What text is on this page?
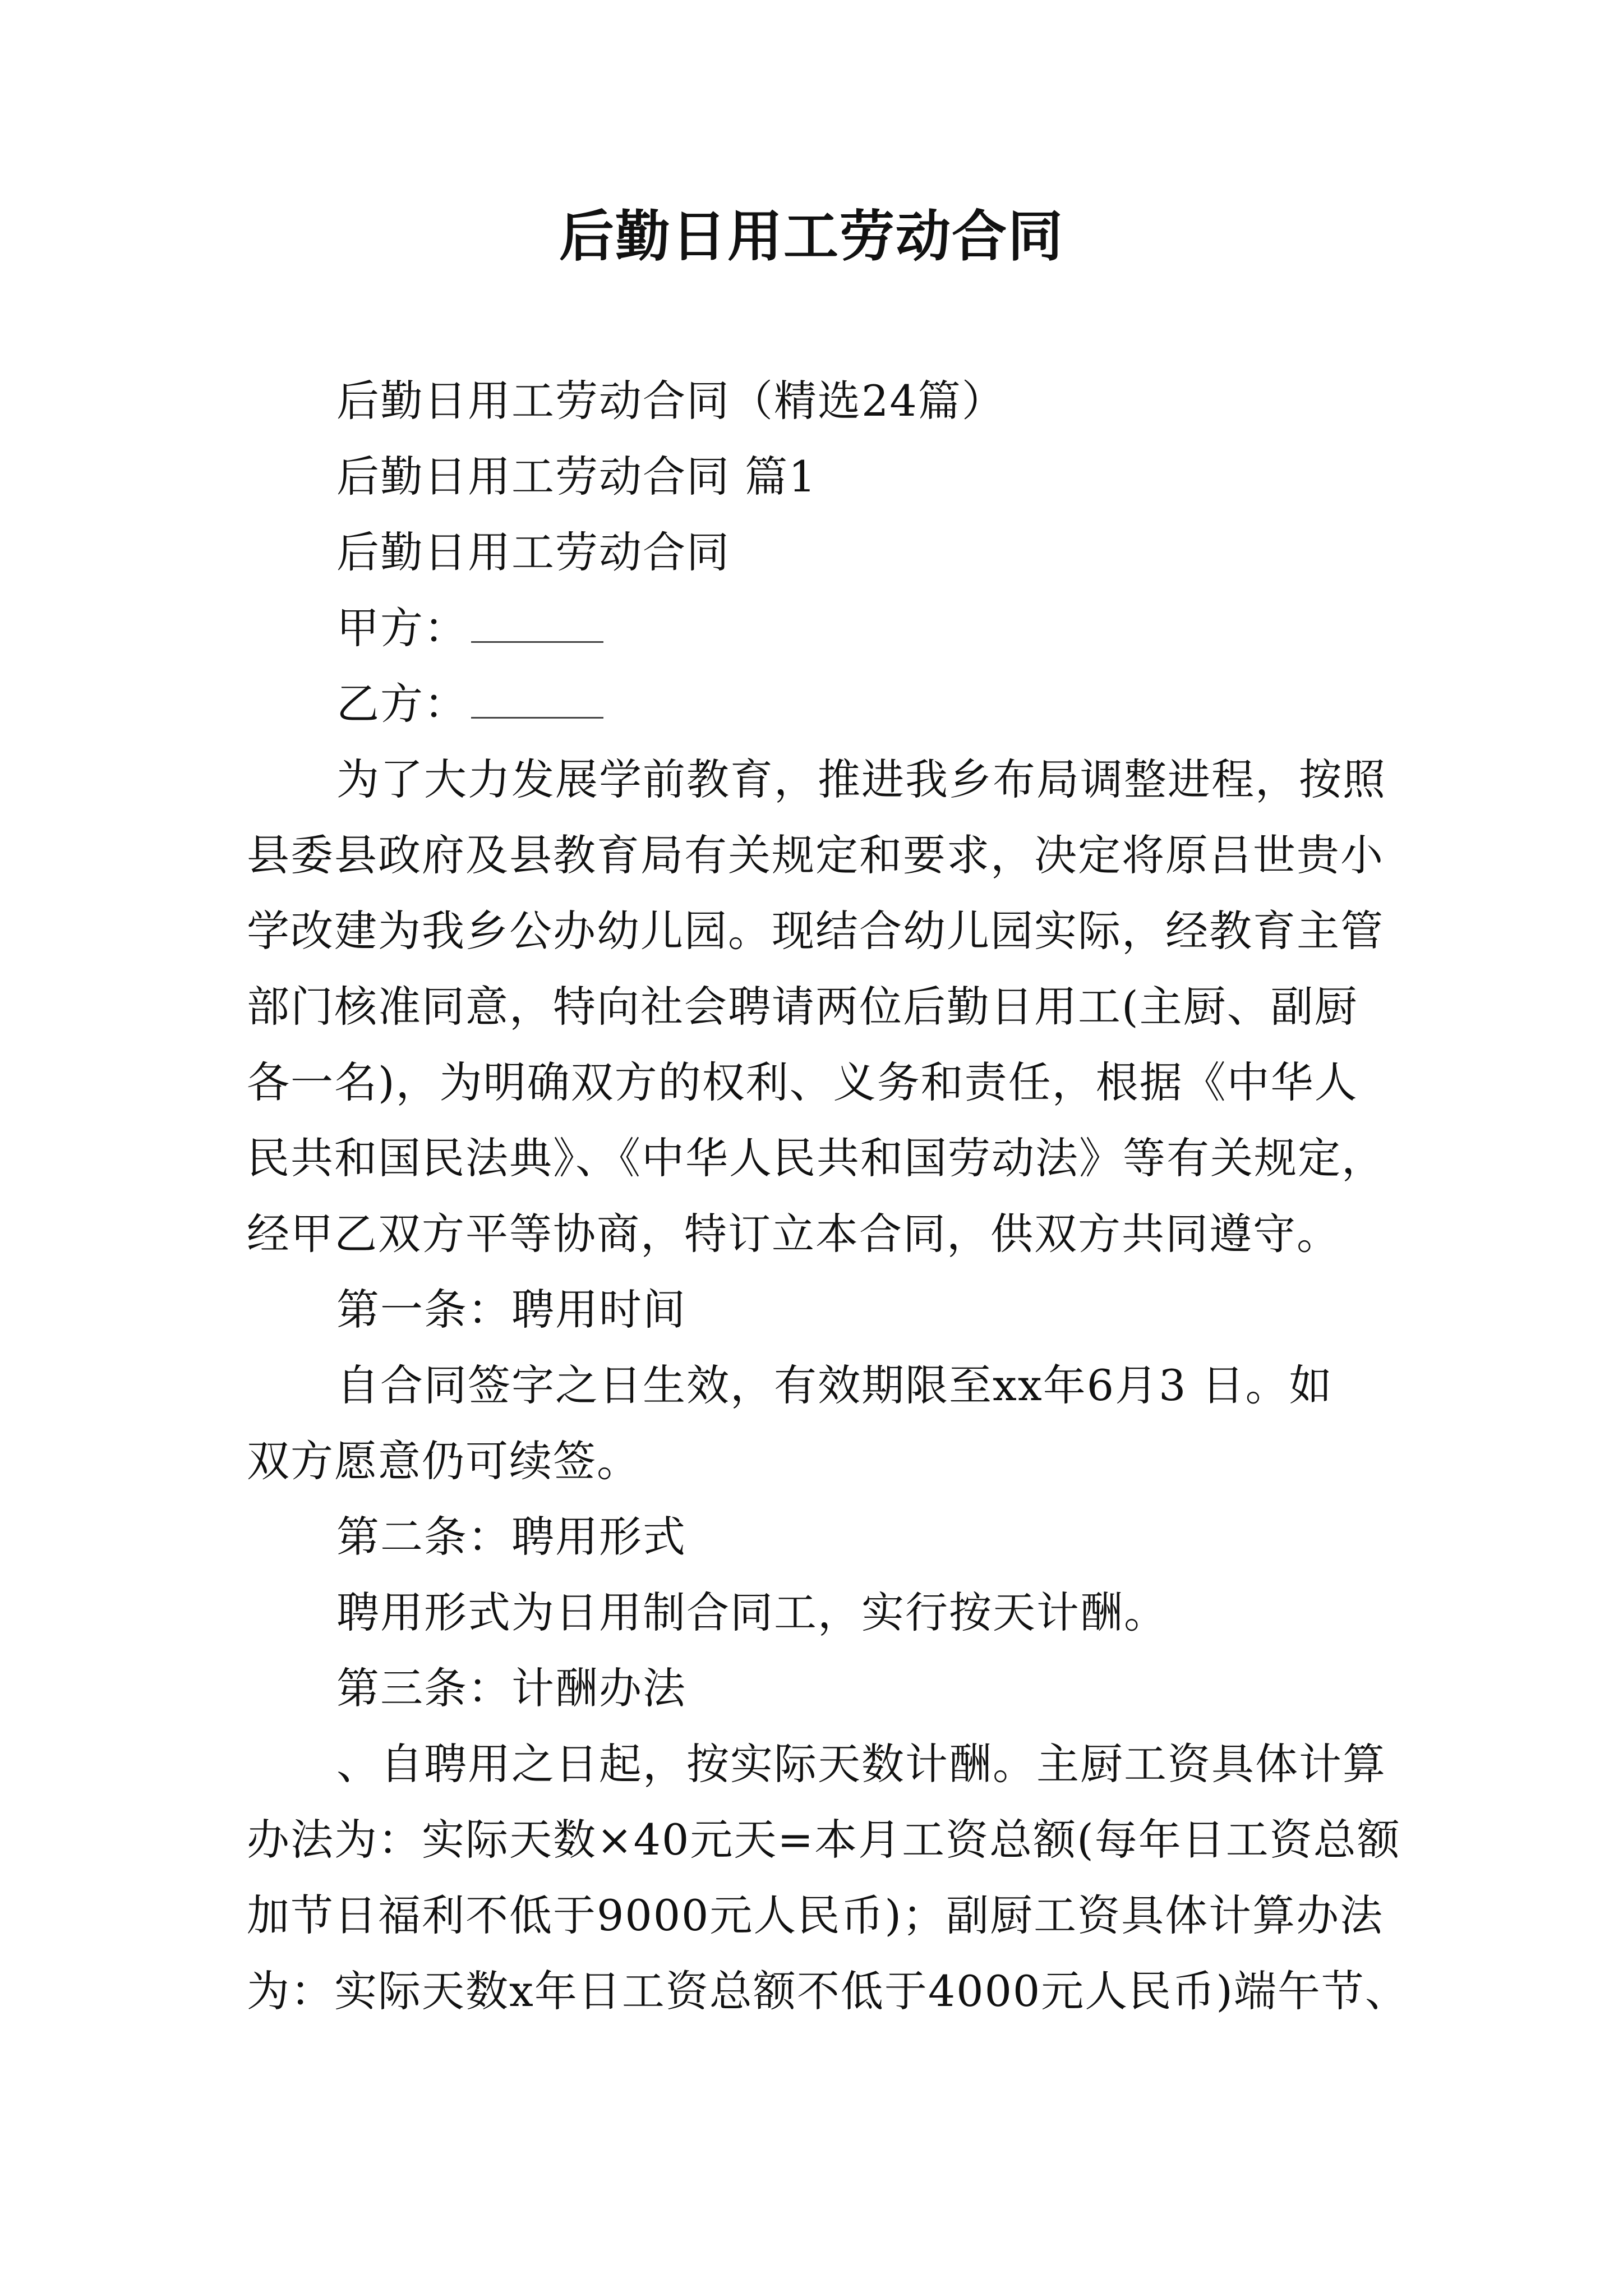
后勤日用工劳动合同
后勤日用工劳动合同（精选24篇）
后勤日用工劳动合同 篇1
后勤日用工劳动合同
甲方：
乙方：
为了大力发展学前教育，推进我乡布局调整进程，按照
县委县政府及县教育局有关规定和要求，决定将原吕世贵小
学改建为我乡公办幼儿园。现结合幼儿园实际，经教育主管
部门核准同意，特向社会聘请两位后勤日用工(主厨、副厨
各一名)，为明确双方的权利、义务和责任，根据《中华人
民共和国民法典》、《中华人民共和国劳动法》等有关规定，
经甲乙双方平等协商，特订立本合同，供双方共同遵守。
第一条：聘用时间
自合同签字之日生效，有效期限至xx年6月3 日。如
双方愿意仍可续签。
第二条：聘用形式
聘用形式为日用制合同工，实行按天计酬。
第三条：计酬办法
、自聘用之日起，按实际天数计酬。主厨工资具体计算
办法为：实际天数×40元天=本月工资总额(每年日工资总额
加节日福利不低于9000元人民币)；副厨工资具体计算办法
为：实际天数x年日工资总额不低于4000元人民币)端午节、
